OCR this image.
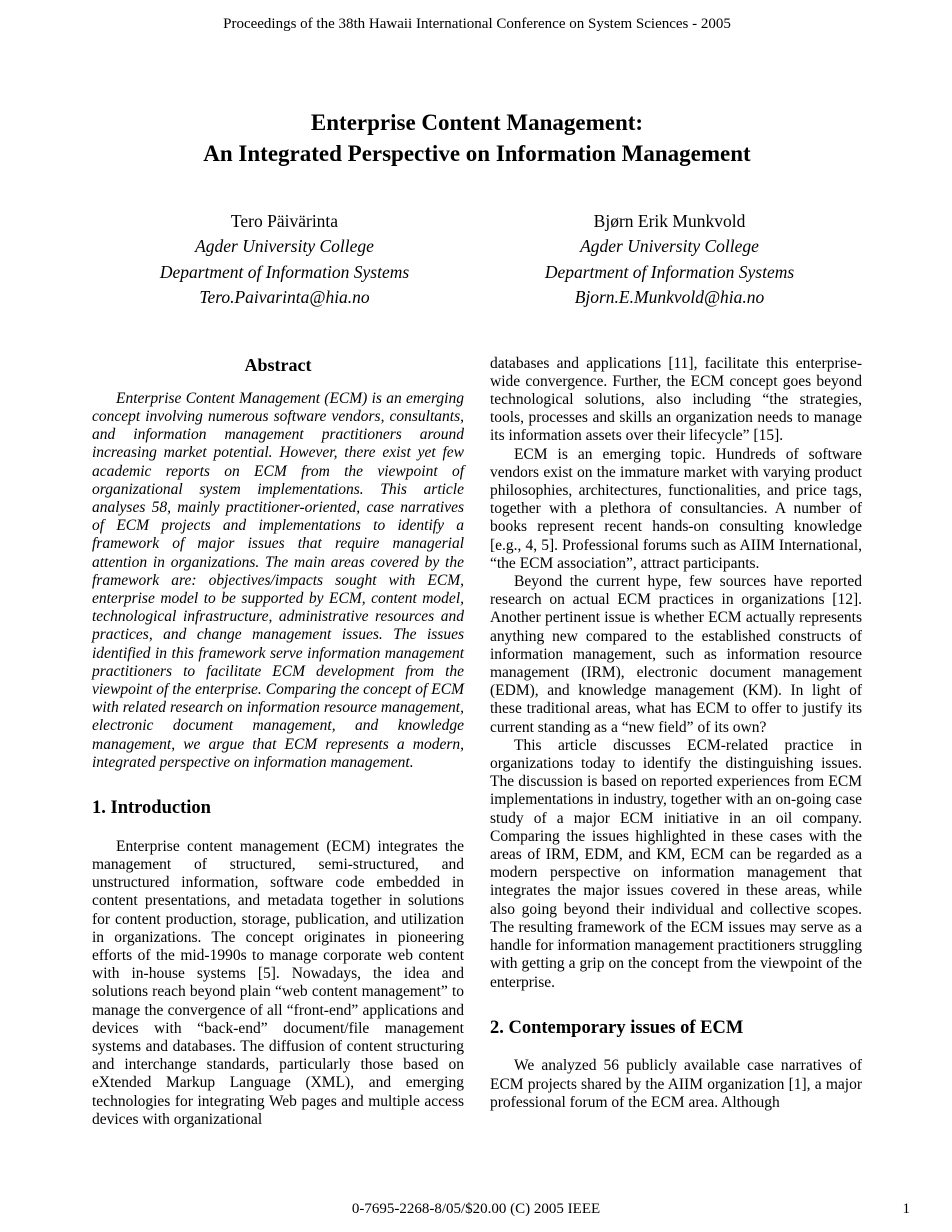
Proceedings of the 38th Hawaii International Conference on System Sciences - 2005
Enterprise Content Management:
An Integrated Perspective on Information Management
Tero Päivärinta
Agder University College
Department of Information Systems
Tero.Paivarinta@hia.no
Bjørn Erik Munkvold
Agder University College
Department of Information Systems
Bjorn.E.Munkvold@hia.no
Abstract

Enterprise Content Management (ECM) is an emerging concept involving numerous software vendors, consultants, and information management practitioners around increasing market potential. However, there exist yet few academic reports on ECM from the viewpoint of organizational system implementations. This article analyses 58, mainly practitioner-oriented, case narratives of ECM projects and implementations to identify a framework of major issues that require managerial attention in organizations. The main areas covered by the framework are: objectives/impacts sought with ECM, enterprise model to be supported by ECM, content model, technological infrastructure, administrative resources and practices, and change management issues. The issues identified in this framework serve information management practitioners to facilitate ECM development from the viewpoint of the enterprise. Comparing the concept of ECM with related research on information resource management, electronic document management, and knowledge management, we argue that ECM represents a modern, integrated perspective on information management.

1. Introduction

Enterprise content management (ECM) integrates the management of structured, semi-structured, and unstructured information, software code embedded in content presentations, and metadata together in solutions for content production, storage, publication, and utilization in organizations. The concept originates in pioneering efforts of the mid-1990s to manage corporate web content with in-house systems [5]. Nowadays, the idea and solutions reach beyond plain “web content management” to manage the convergence of all “front-end” applications and devices with “back-end” document/file management systems and databases. The diffusion of content structuring and interchange standards, particularly those based on eXtended Markup Language (XML), and emerging technologies for integrating Web pages and multiple access devices with organizational

databases and applications [11], facilitate this enterprise-wide convergence. Further, the ECM concept goes beyond technological solutions, also including “the strategies, tools, processes and skills an organization needs to manage its information assets over their lifecycle” [15].

ECM is an emerging topic. Hundreds of software vendors exist on the immature market with varying product philosophies, architectures, functionalities, and price tags, together with a plethora of consultancies. A number of books represent recent hands-on consulting knowledge [e.g., 4, 5]. Professional forums such as AIIM International, “the ECM association”, attract participants.

Beyond the current hype, few sources have reported research on actual ECM practices in organizations [12]. Another pertinent issue is whether ECM actually represents anything new compared to the established constructs of information management, such as information resource management (IRM), electronic document management (EDM), and knowledge management (KM). In light of these traditional areas, what has ECM to offer to justify its current standing as a “new field” of its own?

This article discusses ECM-related practice in organizations today to identify the distinguishing issues. The discussion is based on reported experiences from ECM implementations in industry, together with an on-going case study of a major ECM initiative in an oil company. Comparing the issues highlighted in these cases with the areas of IRM, EDM, and KM, ECM can be regarded as a modern perspective on information management that integrates the major issues covered in these areas, while also going beyond their individual and collective scopes. The resulting framework of the ECM issues may serve as a handle for information management practitioners struggling with getting a grip on the concept from the viewpoint of the enterprise.

2. Contemporary issues of ECM

We analyzed 56 publicly available case narratives of ECM projects shared by the AIIM organization [1], a major professional forum of the ECM area. Although

0-7695-2268-8/05/$20.00 (C) 2005 IEEE	1
